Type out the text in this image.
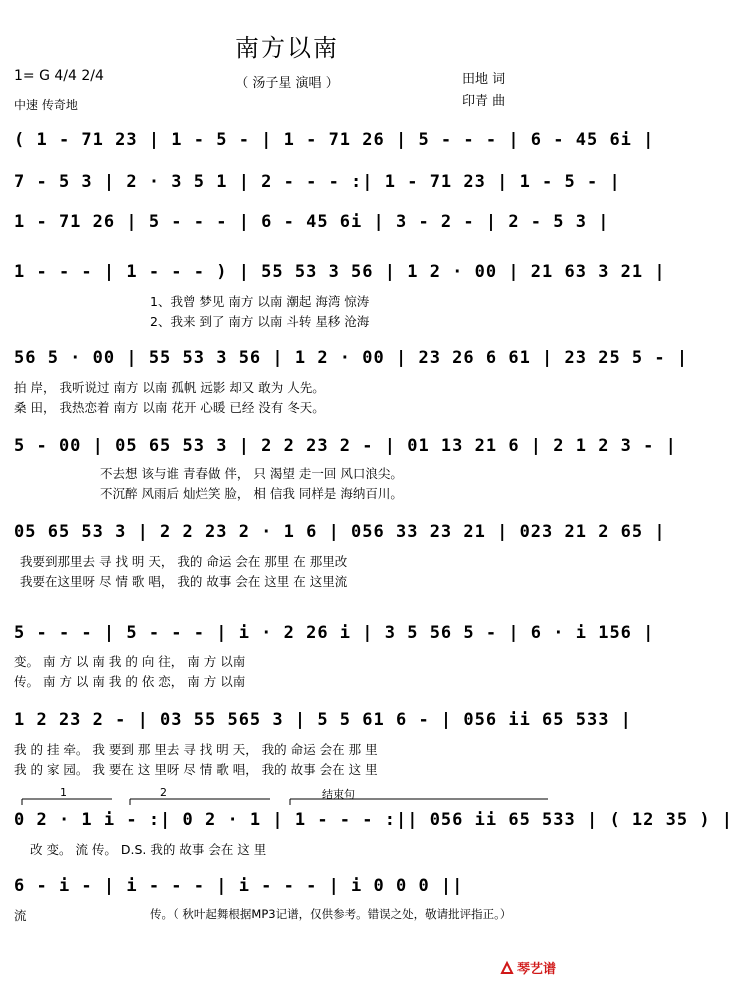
南方以南
（ 汤子星 演唱 ）
1= G 4/4 2/4
中速 传奇地
田地 词
印青 曲
( 1 - 71 23 | 1 - 5 - | 1 - 71 26 | 5 - - - | 6 - 45 6i |
7 - 5 3 | 2 · 3 5 1 | 2 - - - :| 1 - 71 23 | 1 - 5 - |
1 - 71 26 | 5 - - - | 6 - 45 6i | 3 - 2 - | 2 - 5 3 |
1 - - - | 1 - - - ) | 55 53 3 56 | 1 2 · 00 | 21 63 3 21 |
1、我曾 梦见 南方 以南 潮起 海湾 惊涛
2、我来 到了 南方 以南 斗转 星移 沧海
56 5 · 00 | 55 53 3 56 | 1 2 · 00 | 23 26 6 61 | 23 25 5 - |
拍 岸， 我听说过 南方 以南 孤帆 远影 却又 敢为 人先。
桑 田， 我热恋着 南方 以南 花开 心暖 已经 没有 冬天。
5 - 00 | 05 65 53 3 | 2 2 23 2 - | 01 13 21 6 | 2 1 2 3 - |
不去想 该与谁 青春做 伴， 只 渴望 走一回 风口浪尖。
不沉醉 风雨后 灿烂笑 脸， 相 信我 同样是 海纳百川。
05 65 53 3 | 2 2 23 2 · 1 6 | 056 33 23 21 | 023 21 2 65 |
我要到那里去 寻 找 明 天， 我的 命运 会在 那里 在 那里改
我要在这里呀 尽 情 歌 唱， 我的 故事 会在 这里 在 这里流
5 - - - | 5 - - - | i · 2 26 i | 3 5 56 5 - | 6 · i 156 |
变。 南 方 以 南 我 的 向 往， 南 方 以南
传。 南 方 以 南 我 的 依 恋， 南 方 以南
1 2 23 2 - | 03 55 565 3 | 5 5 61 6 - | 056 ii 65 533 |
我 的 挂 牵。 我 要到 那 里去 寻 找 明 天， 我的 命运 会在 那 里
我 的 家 园。 我 要在 这 里呀 尽 情 歌 唱， 我的 故事 会在 这 里
1	2	结束句
0 2 · 1 i - :| 0 2 · 1 | 1 - - - :|| 056 ii 65 533 | ( 12 35 ) |
改 变。 流 传。 D.S. 我的 故事 会在 这 里
6 - i - | i - - - | i - - - | i 0 0 0 ||
流	传。（ 秋叶起舞根据MP3记谱，仅供参考。错误之处，敬请批评指正。）
琴艺谱
